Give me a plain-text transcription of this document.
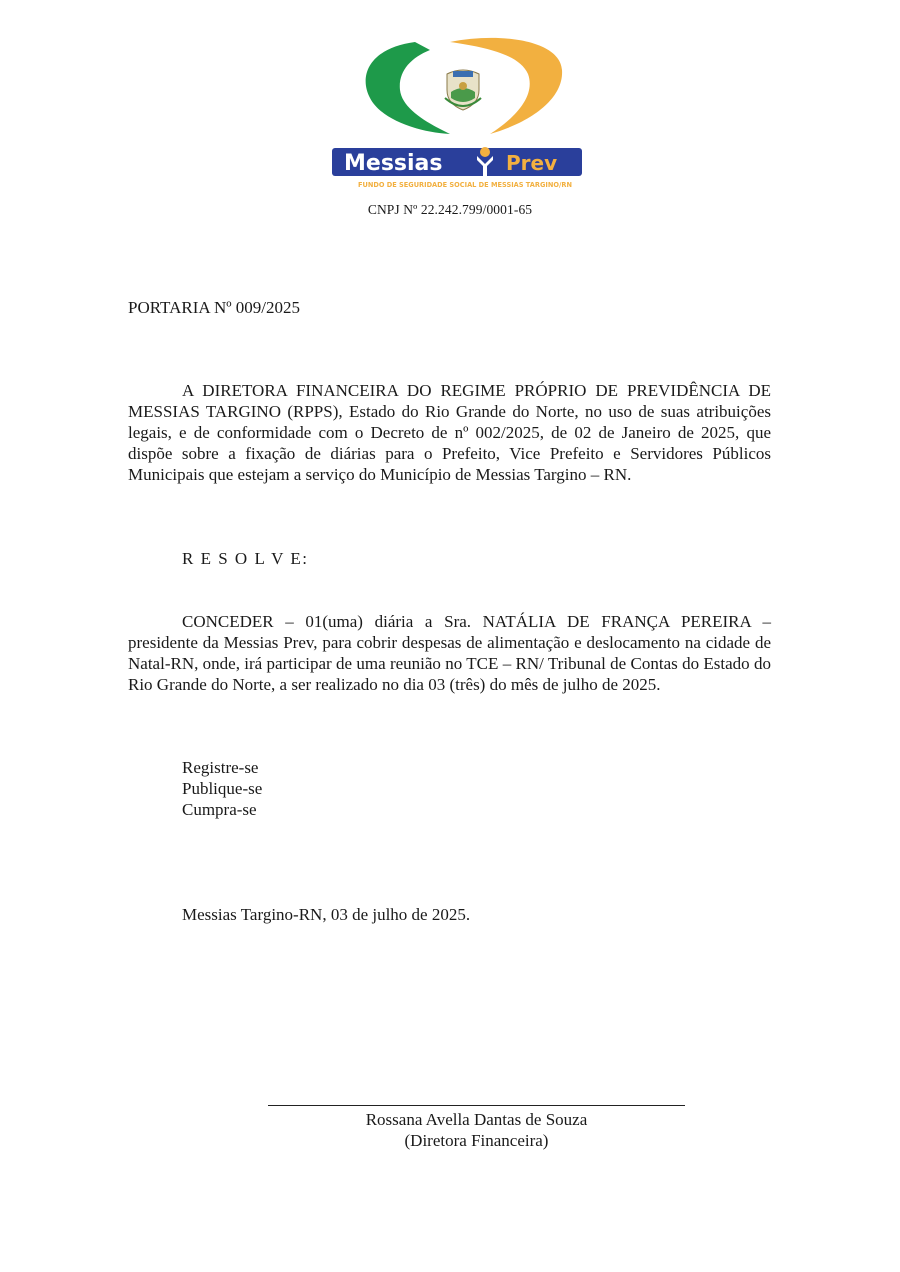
Messias	Prev
FUNDO DE SEGURIDADE SOCIAL DE MESSIAS TARGINO/RN
CNPJ Nº 22.242.799/0001-65
PORTARIA Nº 009/2025
A DIRETORA FINANCEIRA DO REGIME PRÓPRIO DE PREVIDÊNCIA DE MESSIAS TARGINO (RPPS), Estado do Rio Grande do Norte, no uso de suas atribuições legais, e de conformidade com o Decreto de nº 002/2025, de 02 de Janeiro de 2025, que dispõe sobre a fixação de diárias para o Prefeito, Vice Prefeito e Servidores Públicos Municipais que estejam a serviço do Município de Messias Targino – RN.
R E S O L V E:
CONCEDER – 01(uma) diária a Sra. NATÁLIA DE FRANÇA PEREIRA – presidente da Messias Prev, para cobrir despesas de alimentação e deslocamento na cidade de Natal-RN, onde, irá participar de uma reunião no TCE – RN/ Tribunal de Contas do Estado do Rio Grande do Norte, a ser realizado no dia 03 (três) do mês de julho de 2025.
Registre-se
Publique-se
Cumpra-se
Messias Targino-RN, 03 de julho de 2025.
Rossana Avella Dantas de Souza
(Diretora Financeira)
